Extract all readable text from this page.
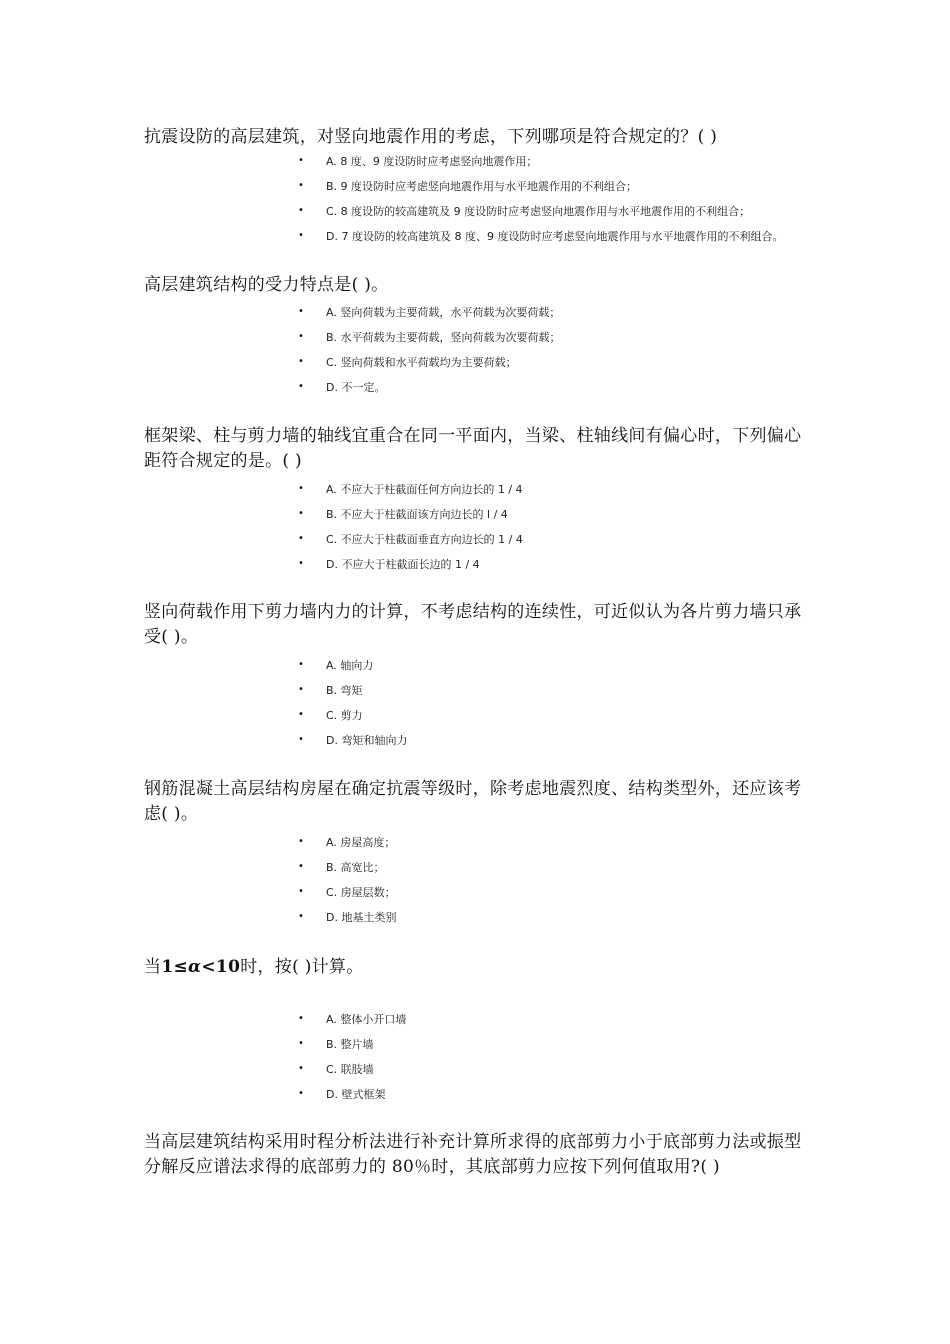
抗震设防的高层建筑，对竖向地震作用的考虑，下列哪项是符合规定的？( )

• A. 8 度、9 度设防时应考虑竖向地震作用；
• B. 9 度设防时应考虑竖向地震作用与水平地震作用的不利组合；
• C. 8 度设防的较高建筑及 9 度设防时应考虑竖向地震作用与水平地震作用的不利组合；
• D. 7 度设防的较高建筑及 8 度、9 度设防时应考虑竖向地震作用与水平地震作用的不利组合。

高层建筑结构的受力特点是( )。

• A. 竖向荷载为主要荷载，水平荷载为次要荷载；
• B. 水平荷载为主要荷载，竖向荷载为次要荷载；
• C. 竖向荷载和水平荷载均为主要荷载；
• D. 不一定。

框架梁、柱与剪力墙的轴线宜重合在同一平面内，当梁、柱轴线间有偏心时，下列偏心距符合规定的是。( )

• A. 不应大于柱截面任何方向边长的 1 / 4
• B. 不应大于柱截面该方向边长的 l / 4
• C. 不应大于柱截面垂直方向边长的 1 / 4
• D. 不应大于柱截面长边的 1 / 4

竖向荷载作用下剪力墙内力的计算，不考虑结构的连续性，可近似认为各片剪力墙只承受( )。

• A. 轴向力
• B. 弯矩
• C. 剪力
• D. 弯矩和轴向力

钢筋混凝土高层结构房屋在确定抗震等级时，除考虑地震烈度、结构类型外，还应该考虑( )。

• A. 房屋高度；
• B. 高宽比；
• C. 房屋层数；
• D. 地基土类别

当1≤α<10时，按( )计算。

• A. 整体小开口墙
• B. 整片墙
• C. 联肢墙
• D. 壁式框架

当高层建筑结构采用时程分析法进行补充计算所求得的底部剪力小于底部剪力法或振型分解反应谱法求得的底部剪力的 80％时，其底部剪力应按下列何值取用?( )
